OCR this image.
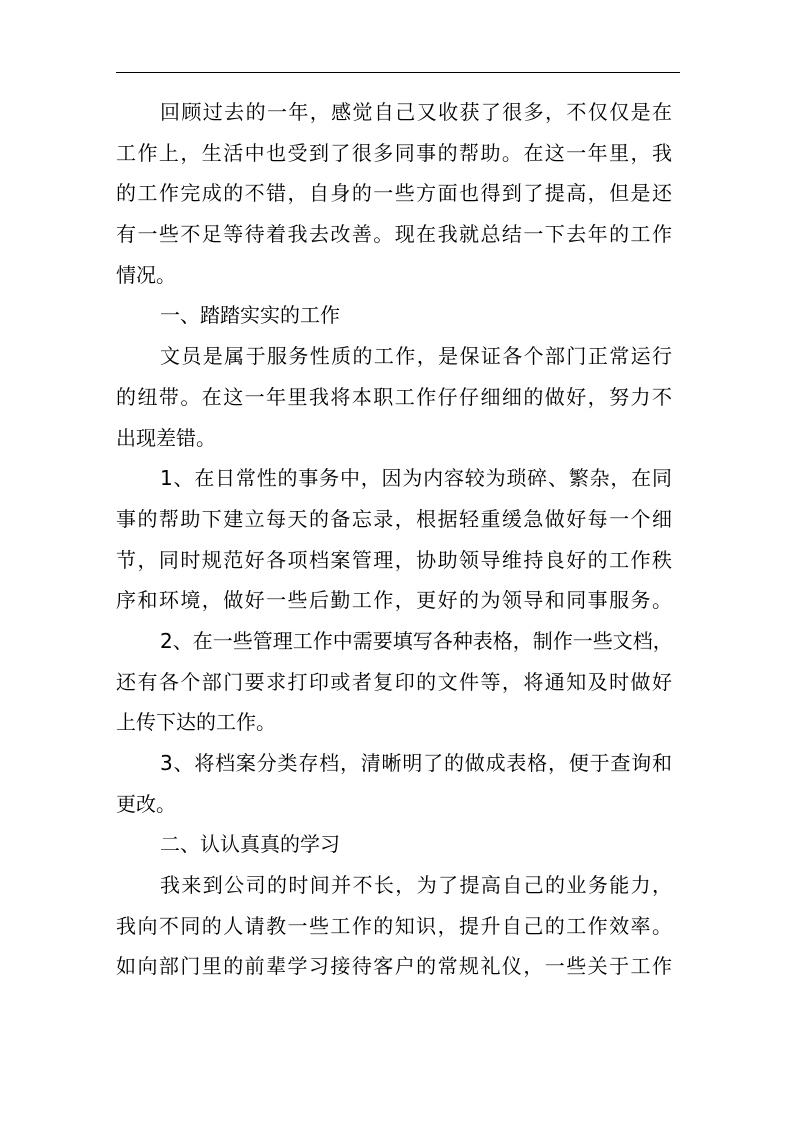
回顾过去的一年，感觉自己又收获了很多，不仅仅是在
工作上，生活中也受到了很多同事的帮助。在这一年里，我
的工作完成的不错，自身的一些方面也得到了提高，但是还
有一些不足等待着我去改善。现在我就总结一下去年的工作
情况。
一、踏踏实实的工作
文员是属于服务性质的工作，是保证各个部门正常运行
的纽带。在这一年里我将本职工作仔仔细细的做好，努力不
出现差错。
1、在日常性的事务中，因为内容较为琐碎、繁杂，在同
事的帮助下建立每天的备忘录，根据轻重缓急做好每一个细
节，同时规范好各项档案管理，协助领导维持良好的工作秩
序和环境，做好一些后勤工作，更好的为领导和同事服务。
2、在一些管理工作中需要填写各种表格，制作一些文档，
还有各个部门要求打印或者复印的文件等，将通知及时做好
上传下达的工作。
3、将档案分类存档，清晰明了的做成表格，便于查询和
更改。
二、认认真真的学习
我来到公司的时间并不长，为了提高自己的业务能力，
我向不同的人请教一些工作的知识，提升自己的工作效率。
如向部门里的前辈学习接待客户的常规礼仪，一些关于工作
